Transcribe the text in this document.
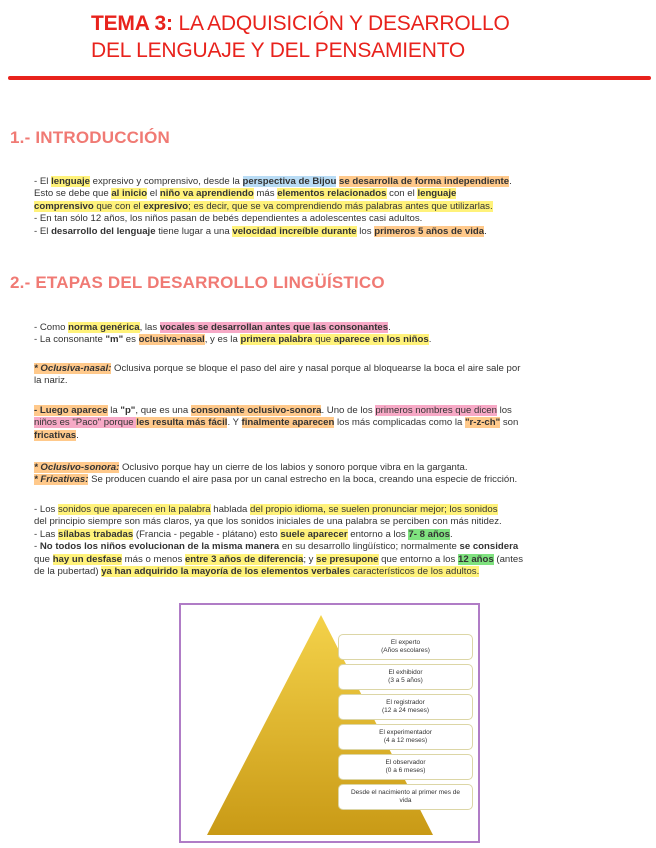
TEMA 3: LA ADQUISICIÓN Y DESARROLLO
DEL LENGUAJE Y DEL PENSAMIENTO
1.- INTRODUCCIÓN

- El lenguaje expresivo y comprensivo, desde la perspectiva de Bijou se desarrolla de forma independiente.

Esto se debe que al inicio el niño va aprendiendo más elementos relacionados con el lenguaje

comprensivo que con el expresivo; es decir, que se va comprendiendo más palabras antes que utilizarlas.

- En tan sólo 12 años, los niños pasan de bebés dependientes a adolescentes casi adultos.

- El desarrollo del lenguaje tiene lugar a una velocidad increíble durante los primeros 5 años de vida.

2.- ETAPAS DEL DESARROLLO LINGÜÍSTICO

- Como norma genérica, las vocales se desarrollan antes que las consonantes.

- La consonante "m" es oclusiva-nasal, y es la primera palabra que aparece en los niños.

* Oclusiva-nasal: Oclusiva porque se bloque el paso del aire y nasal porque al bloquearse la boca el aire sale por

la nariz.

- Luego aparece la "p", que es una consonante oclusivo-sonora. Uno de los primeros nombres que dicen los

niños es "Paco" porque les resulta más fácil. Y finalmente aparecen los más complicadas como la "r-z-ch" son

fricativas.

* Oclusivo-sonora: Oclusivo porque hay un cierre de los labios y sonoro porque vibra en la garganta.

* Fricativas: Se producen cuando el aire pasa por un canal estrecho en la boca, creando una especie de fricción.

- Los sonidos que aparecen en la palabra hablada del propio idioma, se suelen pronunciar mejor; los sonidos

del principio siempre son más claros, ya que los sonidos iniciales de una palabra se perciben con más nitidez.

- Las sílabas trabadas (Francia - pegable - plátano) esto suele aparecer entorno a los 7- 8 años.

- No todos los niños evolucionan de la misma manera en su desarrollo lingüístico; normalmente se considera

que hay un desfase más o menos entre 3 años de diferencia; y se presupone que entorno a los 12 años (antes

de la pubertad) ya han adquirido la mayoría de los elementos verbales característicos de los adultos.

El experto
(Años escolares)
El exhibidor
(3 a 5 años)
El registrador
(12 a 24 meses)
El experimentador
(4 a 12 meses)
El observador
(0 a 6 meses)
Desde el nacimiento al primer mes de
vida
